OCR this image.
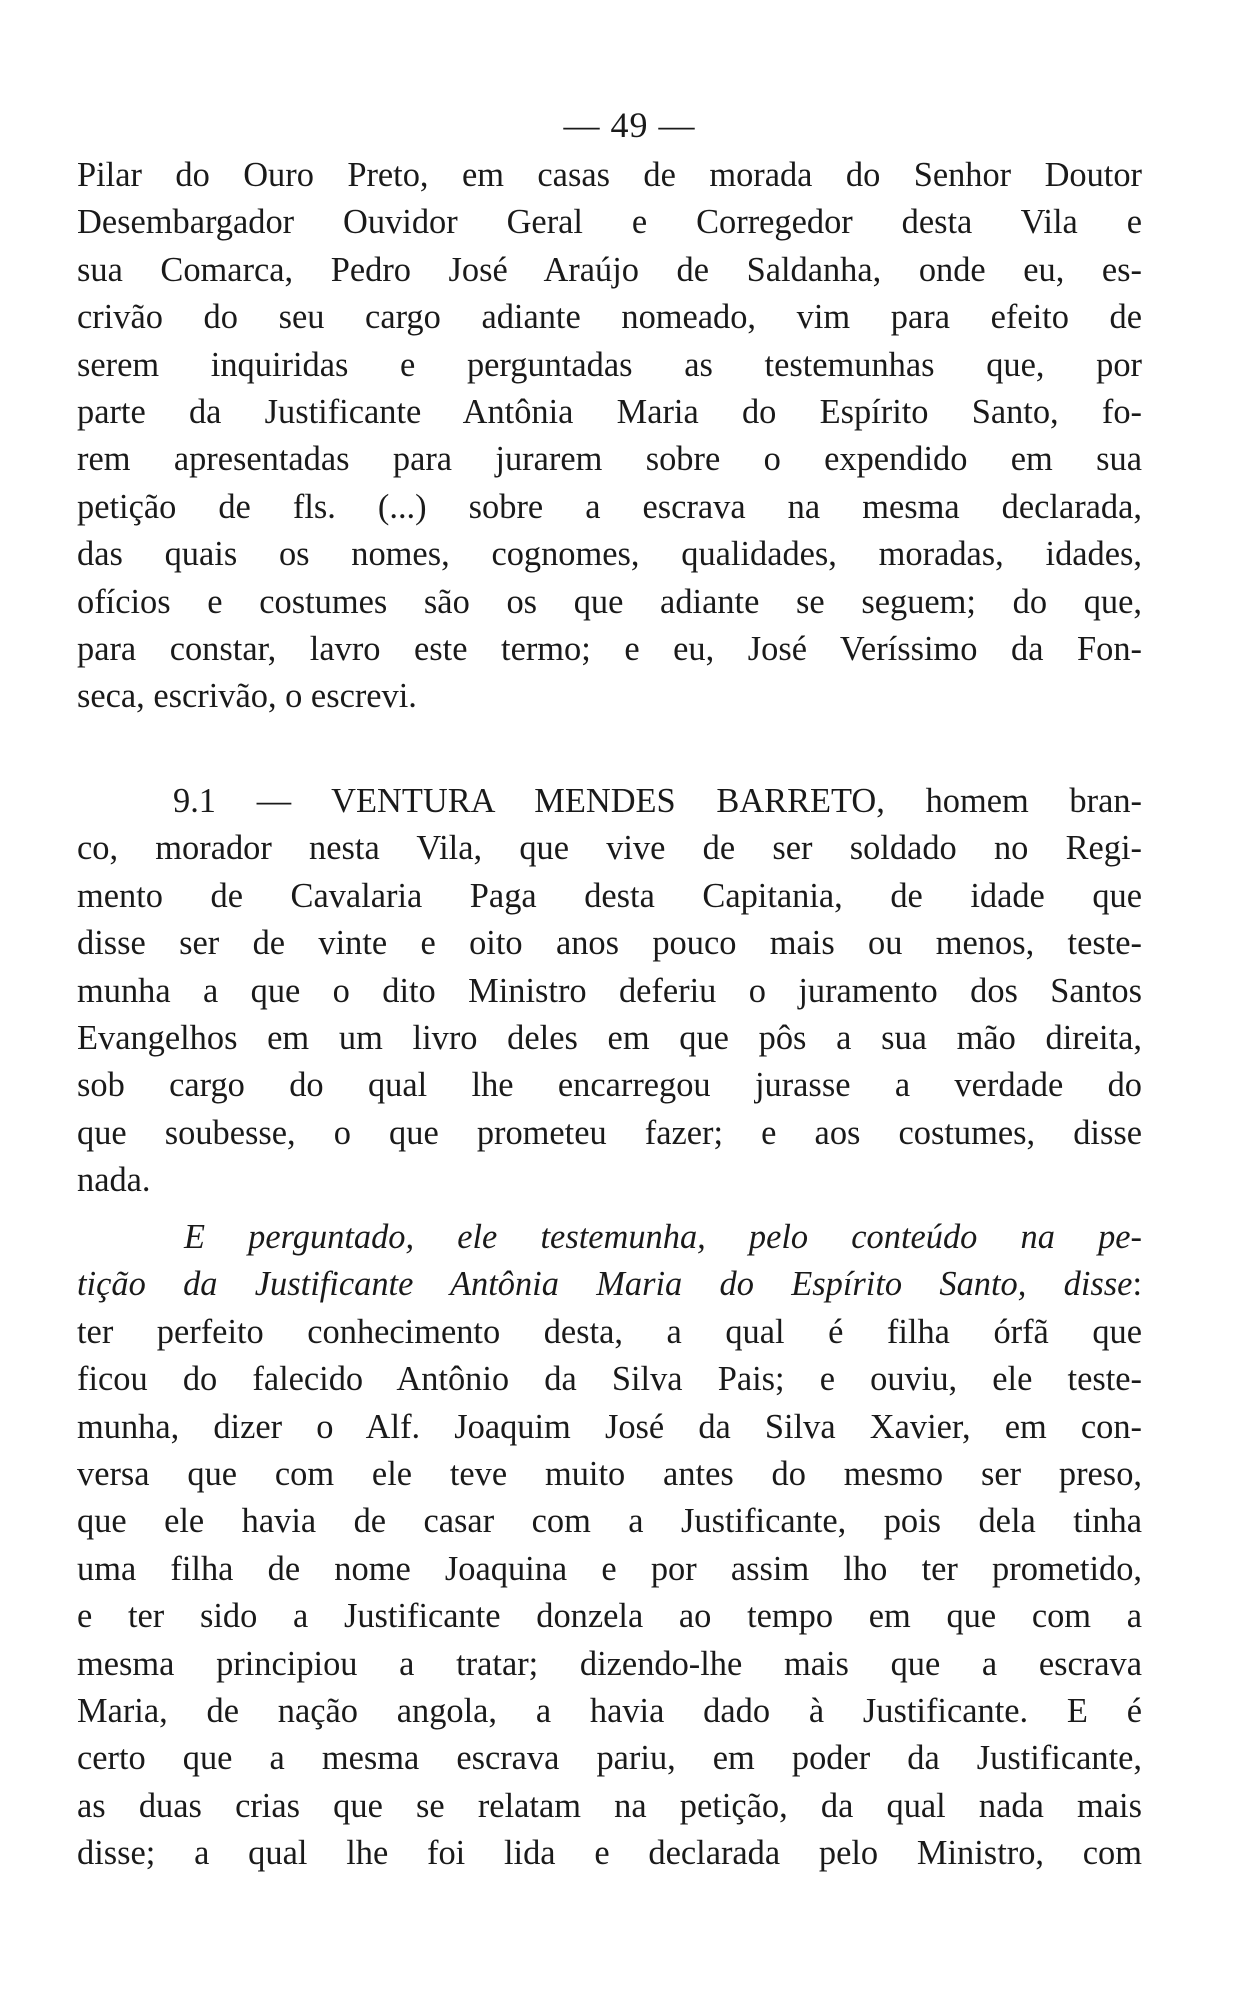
— 49 —
Pilar do Ouro Preto, em casas de morada do Senhor Doutor
Desembargador Ouvidor Geral e Corregedor desta Vila e
sua Comarca, Pedro José Araújo de Saldanha, onde eu, es-
crivão do seu cargo adiante nomeado, vim para efeito de
serem inquiridas e perguntadas as testemunhas que, por
parte da Justificante Antônia Maria do Espírito Santo, fo-
rem apresentadas para jurarem sobre o expendido em sua
petição de fls. (...) sobre a escrava na mesma declarada,
das quais os nomes, cognomes, qualidades, moradas, idades,
ofícios e costumes são os que adiante se seguem; do que,
para constar, lavro este termo; e eu, José Veríssimo da Fon-
seca, escrivão, o escrevi.
9.1 — VENTURA MENDES BARRETO, homem bran-
co, morador nesta Vila, que vive de ser soldado no Regi-
mento de Cavalaria Paga desta Capitania, de idade que
disse ser de vinte e oito anos pouco mais ou menos, teste-
munha a que o dito Ministro deferiu o juramento dos Santos
Evangelhos em um livro deles em que pôs a sua mão direita,
sob cargo do qual lhe encarregou jurasse a verdade do
que soubesse, o que prometeu fazer; e aos costumes, disse
nada.
E perguntado, ele testemunha, pelo conteúdo na pe-
tição da Justificante Antônia Maria do Espírito Santo, disse:
ter perfeito conhecimento desta, a qual é filha órfã que
ficou do falecido Antônio da Silva Pais; e ouviu, ele teste-
munha, dizer o Alf. Joaquim José da Silva Xavier, em con-
versa que com ele teve muito antes do mesmo ser preso,
que ele havia de casar com a Justificante, pois dela tinha
uma filha de nome Joaquina e por assim lho ter prometido,
e ter sido a Justificante donzela ao tempo em que com a
mesma principiou a tratar; dizendo-lhe mais que a escrava
Maria, de nação angola, a havia dado à Justificante. E é
certo que a mesma escrava pariu, em poder da Justificante,
as duas crias que se relatam na petição, da qual nada mais
disse; a qual lhe foi lida e declarada pelo Ministro, com
